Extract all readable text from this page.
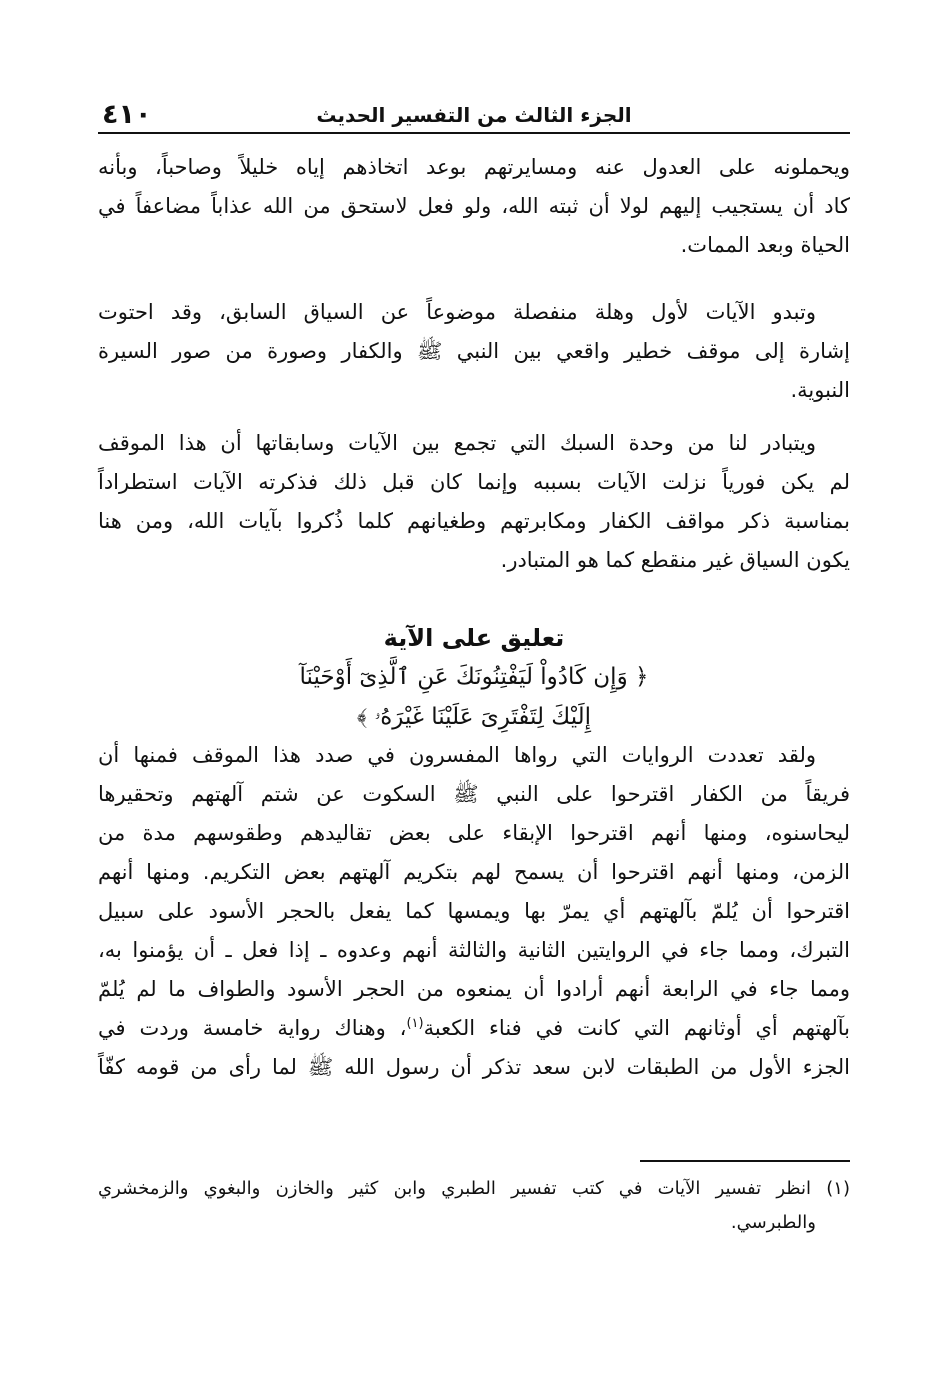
٤١٠	الجزء الثالث من التفسير الحديث
ويحملونه على العدول عنه ومسايرتهم بوعد اتخاذهم إياه خليلاً وصاحباً، وبأنه
كاد أن يستجيب إليهم لولا أن ثبته الله، ولو فعل لاستحق من الله عذاباً مضاعفاً في
الحياة وبعد الممات.
وتبدو الآيات لأول وهلة منفصلة موضوعاً عن السياق السابق، وقد احتوت
إشارة إلى موقف خطير واقعي بين النبي ﷺ والكفار وصورة من صور السيرة
النبوية.
ويتبادر لنا من وحدة السبك التي تجمع بين الآيات وسابقاتها أن هذا الموقف
لم يكن فورياً نزلت الآيات بسببه وإنما كان قبل ذلك فذكرته الآيات استطراداً
بمناسبة ذكر مواقف الكفار ومكابرتهم وطغيانهم كلما ذُكروا بآيات الله، ومن هنا
يكون السياق غير منقطع كما هو المتبادر.
تعليق على الآية
﴿ وَإِن كَادُواْ لَيَفْتِنُونَكَ عَنِ ٱلَّذِىٓ أَوْحَيْنَآ
إِلَيْكَ لِتَفْتَرِىَ عَلَيْنَا غَيْرَهُۥ ﴾
ولقد تعددت الروايات التي رواها المفسرون في صدد هذا الموقف فمنها أن
فريقاً من الكفار اقترحوا على النبي ﷺ السكوت عن شتم آلهتهم وتحقيرها
ليحاسنوه، ومنها أنهم اقترحوا الإبقاء على بعض تقاليدهم وطقوسهم مدة من
الزمن، ومنها أنهم اقترحوا أن يسمح لهم بتكريم آلهتهم بعض التكريم. ومنها أنهم
اقترحوا أن يُلمّ بآلهتهم أي يمرّ بها ويمسها كما يفعل بالحجر الأسود على سبيل
التبرك، ومما جاء في الروايتين الثانية والثالثة أنهم وعدوه ـ إذا فعل ـ أن يؤمنوا به،
ومما جاء في الرابعة أنهم أرادوا أن يمنعوه من الحجر الأسود والطواف ما لم يُلمّ
بآلهتهم أي أوثانهم التي كانت في فناء الكعبة$^{(١)}$، وهناك رواية خامسة وردت في
الجزء الأول من الطبقات لابن سعد تذكر أن رسول الله ﷺ لما رأى من قومه كفّاً
(١) انظر تفسير الآيات في كتب تفسير الطبري وابن كثير والخازن والبغوي والزمخشري
والطبرسي.
